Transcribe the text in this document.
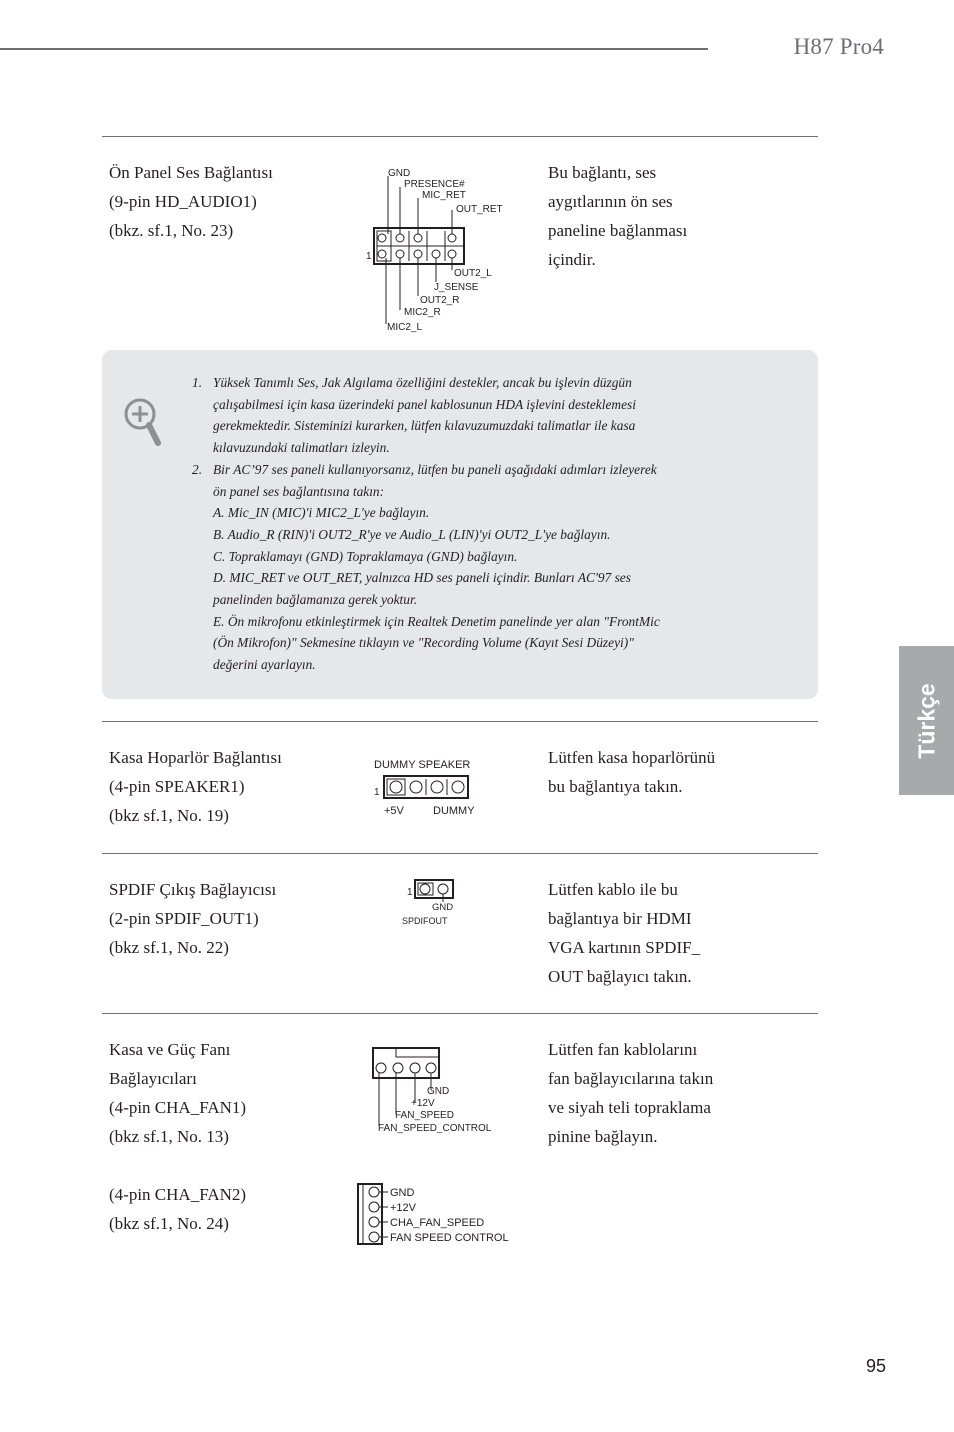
H87 Pro4
Ön Panel Ses Bağlantısı
(9-pin HD_AUDIO1)
(bkz. sf.1, No. 23)
Bu bağlantı, ses
aygıtlarının ön ses
paneline bağlanması
içindir.
GND
PRESENCE#
MIC_RET
OUT_RET
OUT2_L
J_SENSE
OUT2_R
MIC2_R
MIC2_L
1
1. Yüksek Tanımlı Ses, Jak Algılama özelliğini destekler, ancak bu işlevin düzgün
çalışabilmesi için kasa üzerindeki panel kablosunun HDA işlevini desteklemesi
gerekmektedir. Sisteminizi kurarken, lütfen kılavuzumuzdaki talimatlar ile kasa
kılavuzundaki talimatları izleyin.
2. Bir AC’97 ses paneli kullanıyorsanız, lütfen bu paneli aşağıdaki adımları izleyerek
ön panel ses bağlantısına takın:
A. Mic_IN (MIC)'i MIC2_L'ye bağlayın.
B. Audio_R (RIN)'i OUT2_R'ye ve Audio_L (LIN)'yi OUT2_L'ye bağlayın.
C. Topraklamayı (GND) Topraklamaya (GND) bağlayın.
D. MIC_RET ve OUT_RET, yalnızca HD ses paneli içindir. Bunları AC'97 ses
panelinden bağlamanıza gerek yoktur.
E. Ön mikrofonu etkinleştirmek için Realtek Denetim panelinde yer alan "FrontMic
(Ön Mikrofon)" Sekmesine tıklayın ve "Recording Volume (Kayıt Sesi Düzeyi)"
değerini ayarlayın.
Türkçe
Kasa Hoparlör Bağlantısı
(4-pin SPEAKER1)
(bkz sf.1, No. 19)
Lütfen kasa hoparlörünü
bu bağlantıya takın.
DUMMY SPEAKER
1
+5V	DUMMY
SPDIF Çıkış Bağlayıcısı
(2-pin SPDIF_OUT1)
(bkz sf.1, No. 22)
Lütfen kablo ile bu
bağlantıya bir HDMI
VGA kartının SPDIF_
OUT bağlayıcı takın.
1
GND
SPDIFOUT
Kasa ve Güç Fanı
Bağlayıcıları
(4-pin CHA_FAN1)
(bkz sf.1, No. 13)
(4-pin CHA_FAN2)
(bkz sf.1, No. 24)
Lütfen fan kablolarını
fan bağlayıcılarına takın
ve siyah teli topraklama
pinine bağlayın.
GND
+12V
FAN_SPEED
FAN_SPEED_CONTROL
GND
+12V
CHA_FAN_SPEED
FAN SPEED CONTROL
95
